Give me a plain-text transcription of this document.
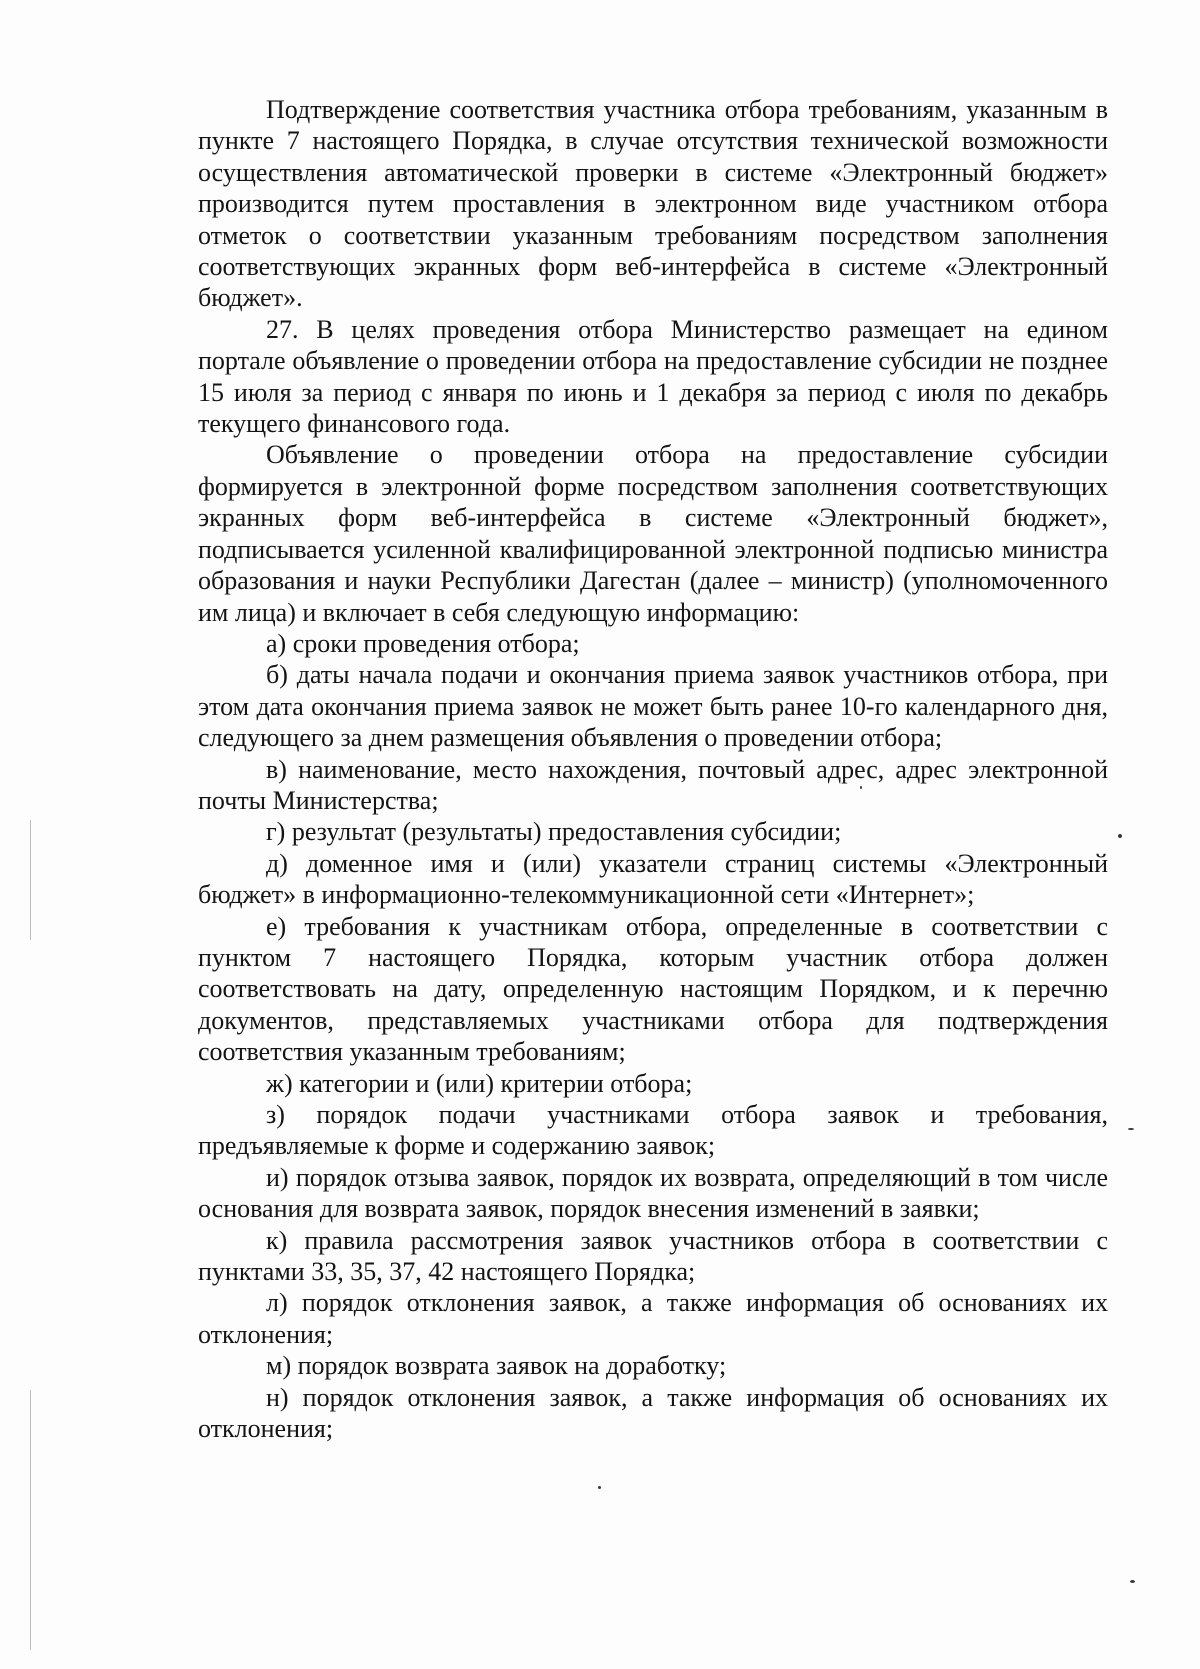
Подтверждение соответствия участника отбора требованиям, указанным в пункте 7 настоящего Порядка, в случае отсутствия технической возможности осуществления автоматической проверки в системе «Электронный бюджет» производится путем проставления в электронном виде участником отбора отметок о соответствии указанным требованиям посредством заполнения соответствующих экранных форм веб-интерфейса в системе «Электронный бюджет».

27. В целях проведения отбора Министерство размещает на едином портале объявление о проведении отбора на предоставление субсидии не позднее 15 июля за период с января по июнь и 1 декабря за период с июля по декабрь текущего финансового года.

Объявление о проведении отбора на предоставление субсидии формируется в электронной форме посредством заполнения соответствующих экранных форм веб-интерфейса в системе «Электронный бюджет», подписывается усиленной квалифицированной электронной подписью министра образования и науки Республики Дагестан (далее – министр) (уполномоченного им лица) и включает в себя следующую информацию:

а) сроки проведения отбора;

б) даты начала подачи и окончания приема заявок участников отбора, при этом дата окончания приема заявок не может быть ранее 10-го календарного дня, следующего за днем размещения объявления о проведении отбора;

в) наименование, место нахождения, почтовый адрес, адрес электронной почты Министерства;

г) результат (результаты) предоставления субсидии;

д) доменное имя и (или) указатели страниц системы «Электронный бюджет» в информационно-телекоммуникационной сети «Интернет»;

е) требования к участникам отбора, определенные в соответствии с пунктом 7 настоящего Порядка, которым участник отбора должен соответствовать на дату, определенную настоящим Порядком, и к перечню документов, представляемых участниками отбора для подтверждения соответствия указанным требованиям;

ж) категории и (или) критерии отбора;

з) порядок подачи участниками отбора заявок и требования, предъявляемые к форме и содержанию заявок;

и) порядок отзыва заявок, порядок их возврата, определяющий в том числе основания для возврата заявок, порядок внесения изменений в заявки;

к) правила рассмотрения заявок участников отбора в соответствии с пунктами 33, 35, 37, 42 настоящего Порядка;

л) порядок отклонения заявок, а также информация об основаниях их отклонения;

м) порядок возврата заявок на доработку;

н) порядок отклонения заявок, а также информация об основаниях их отклонения;
